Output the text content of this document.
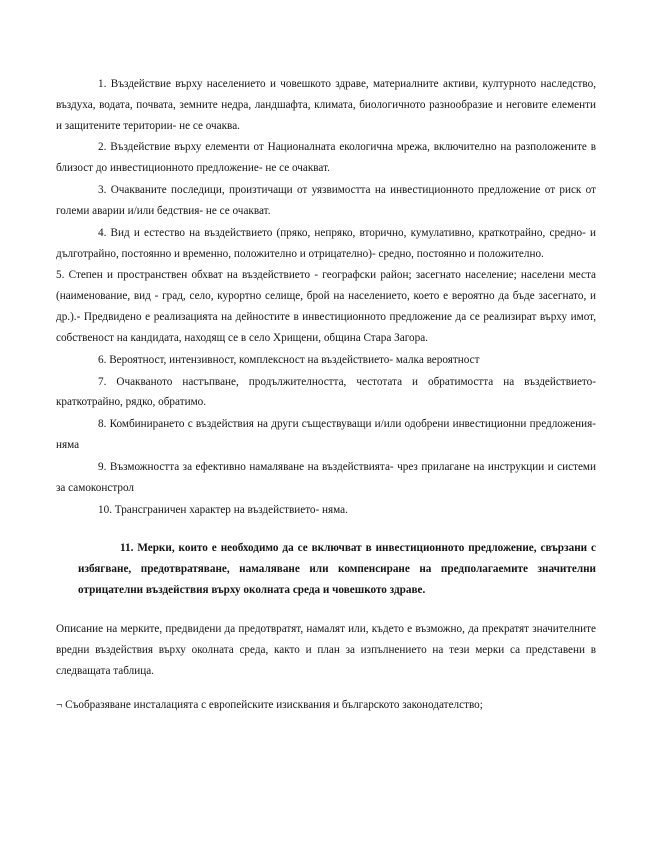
1. Въздействие върху населението и човешкото здраве, материалните активи, културното наследство, въздуха, водата, почвата, земните недра, ландшафта, климата, биологичното разнообразие и неговите елементи и защитените територии- не се очаква.

2. Въздействие върху елементи от Националната екологична мрежа, включително на разположените в близост до инвестиционното предложение- не се очакват.

3. Очакваните последици, произтичащи от уязвимостта на инвестиционното предложение от риск от големи аварии и/или бедствия- не се очакват.

4. Вид и естество на въздействието (пряко, непряко, вторично, кумулативно, краткотрайно, средно- и дълготрайно, постоянно и временно, положително и отрицателно)- средно, постоянно и положително.

5. Степен и пространствен обхват на въздействието - географски район; засегнато население; населени места (наименование, вид - град, село, курортно селище, брой на населението, което е вероятно да бъде засегнато, и др.).- Предвидено е реализацията на дейностите в инвестиционното предложение да се реализират върху имот, собственост на кандидата, находящ се в село Хрищени, община Стара Загора.

6. Вероятност, интензивност, комплексност на въздействието- малка вероятност

7. Очакваното настъпване, продължителността, честотата и обратимостта на въздействието- краткотрайно, рядко, обратимо.

8. Комбинирането с въздействия на други съществуващи и/или одобрени инвестиционни предложения- няма

9. Възможността за ефективно намаляване на въздействията- чрез прилагане на инструкции и системи за самоконстрол

10. Трансграничен характер на въздействието- няма.

11. Мерки, които е необходимо да се включват в инвестиционното предложение, свързани с избягване, предотвратяване, намаляване или компенсиране на предполагаемите значителни отрицателни въздействия върху околната среда и човешкото здраве.

Описание на мерките, предвидени да предотвратят, намалят или, където е възможно, да прекратят значителните вредни въздействия върху околната среда, както и план за изпълнението на тези мерки са представени в следващата таблица.

¬ Съобразяване инсталацията с европейските изисквания и българското законодателство;
